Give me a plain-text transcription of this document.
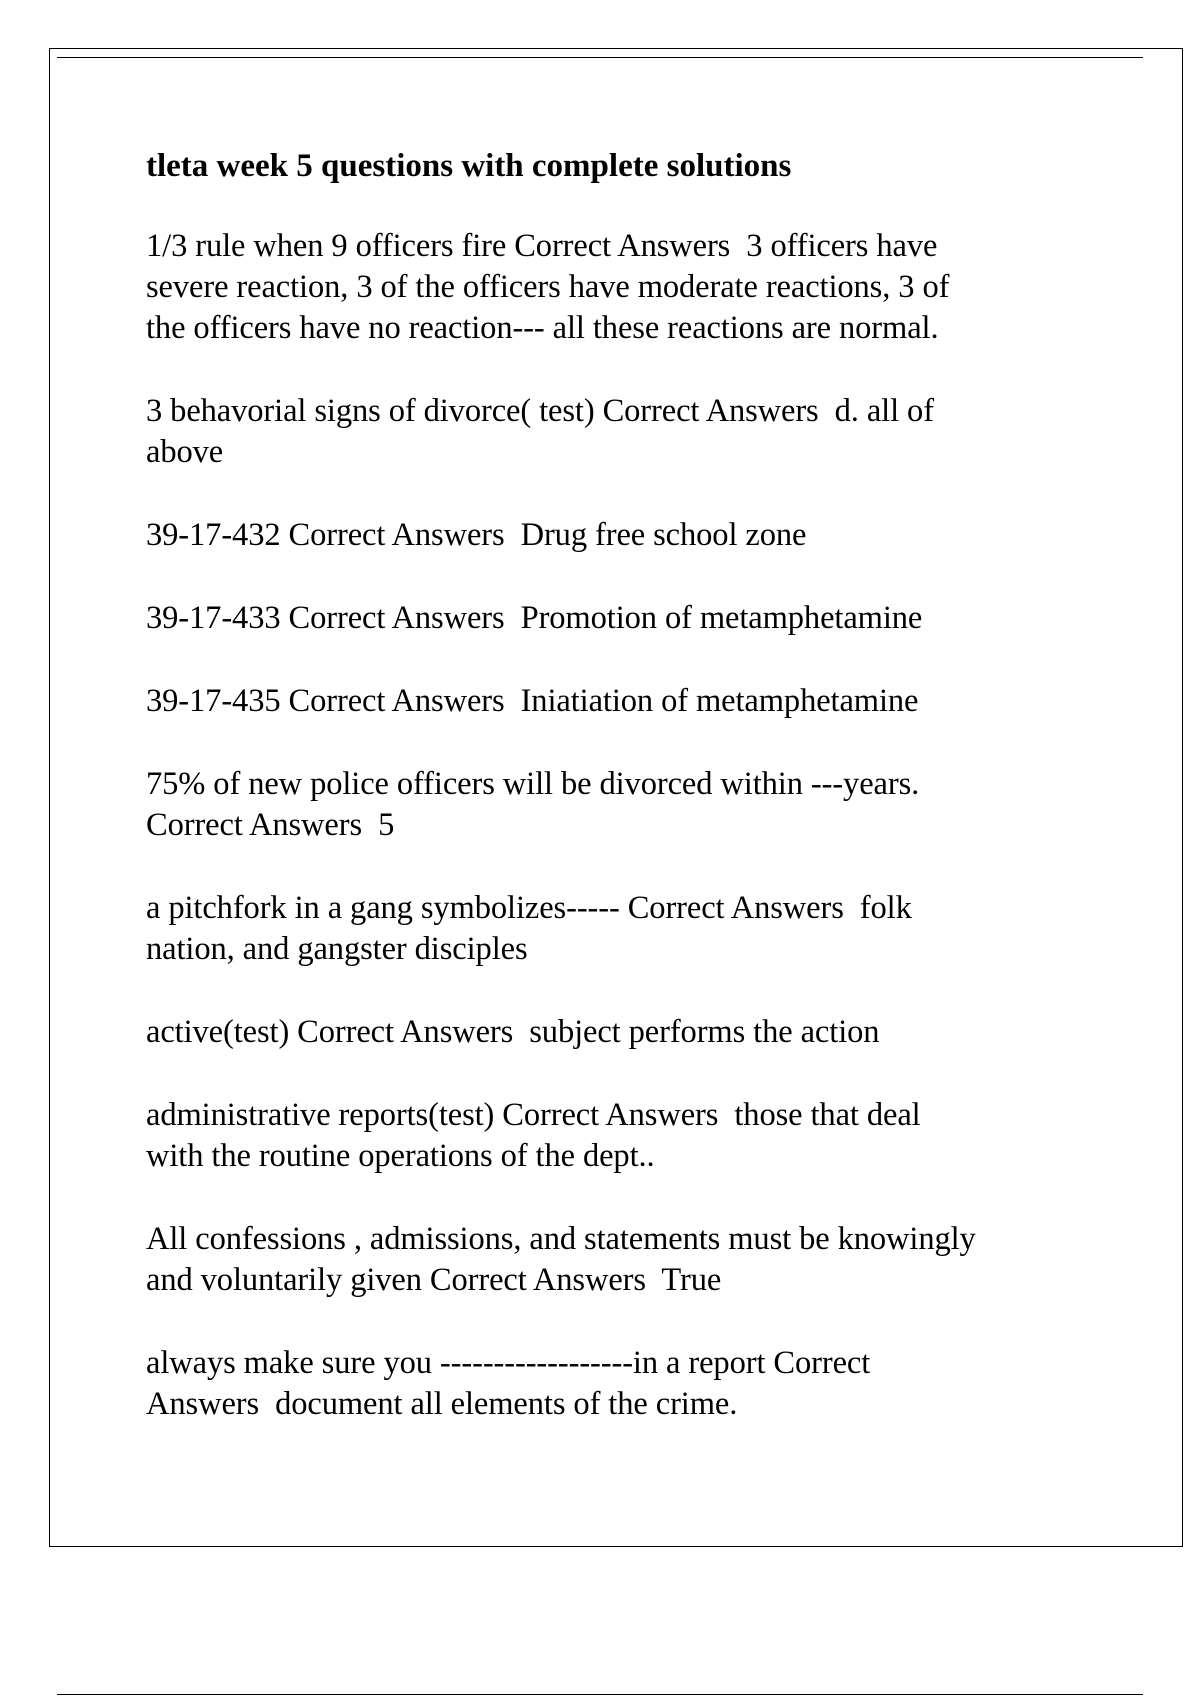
tleta week 5 questions with complete solutions
1/3 rule when 9 officers fire Correct Answers  3 officers have
severe reaction, 3 of the officers have moderate reactions, 3 of
the officers have no reaction--- all these reactions are normal.
3 behavorial signs of divorce( test) Correct Answers  d. all of
above
39-17-432 Correct Answers  Drug free school zone
39-17-433 Correct Answers  Promotion of metamphetamine
39-17-435 Correct Answers  Iniatiation of metamphetamine
75% of new police officers will be divorced within ---years.
Correct Answers  5
a pitchfork in a gang symbolizes----- Correct Answers  folk
nation, and gangster disciples
active(test) Correct Answers  subject performs the action
administrative reports(test) Correct Answers  those that deal
with the routine operations of the dept..
All confessions , admissions, and statements must be knowingly
and voluntarily given Correct Answers  True
always make sure you ------------------in a report Correct
Answers  document all elements of the crime.
